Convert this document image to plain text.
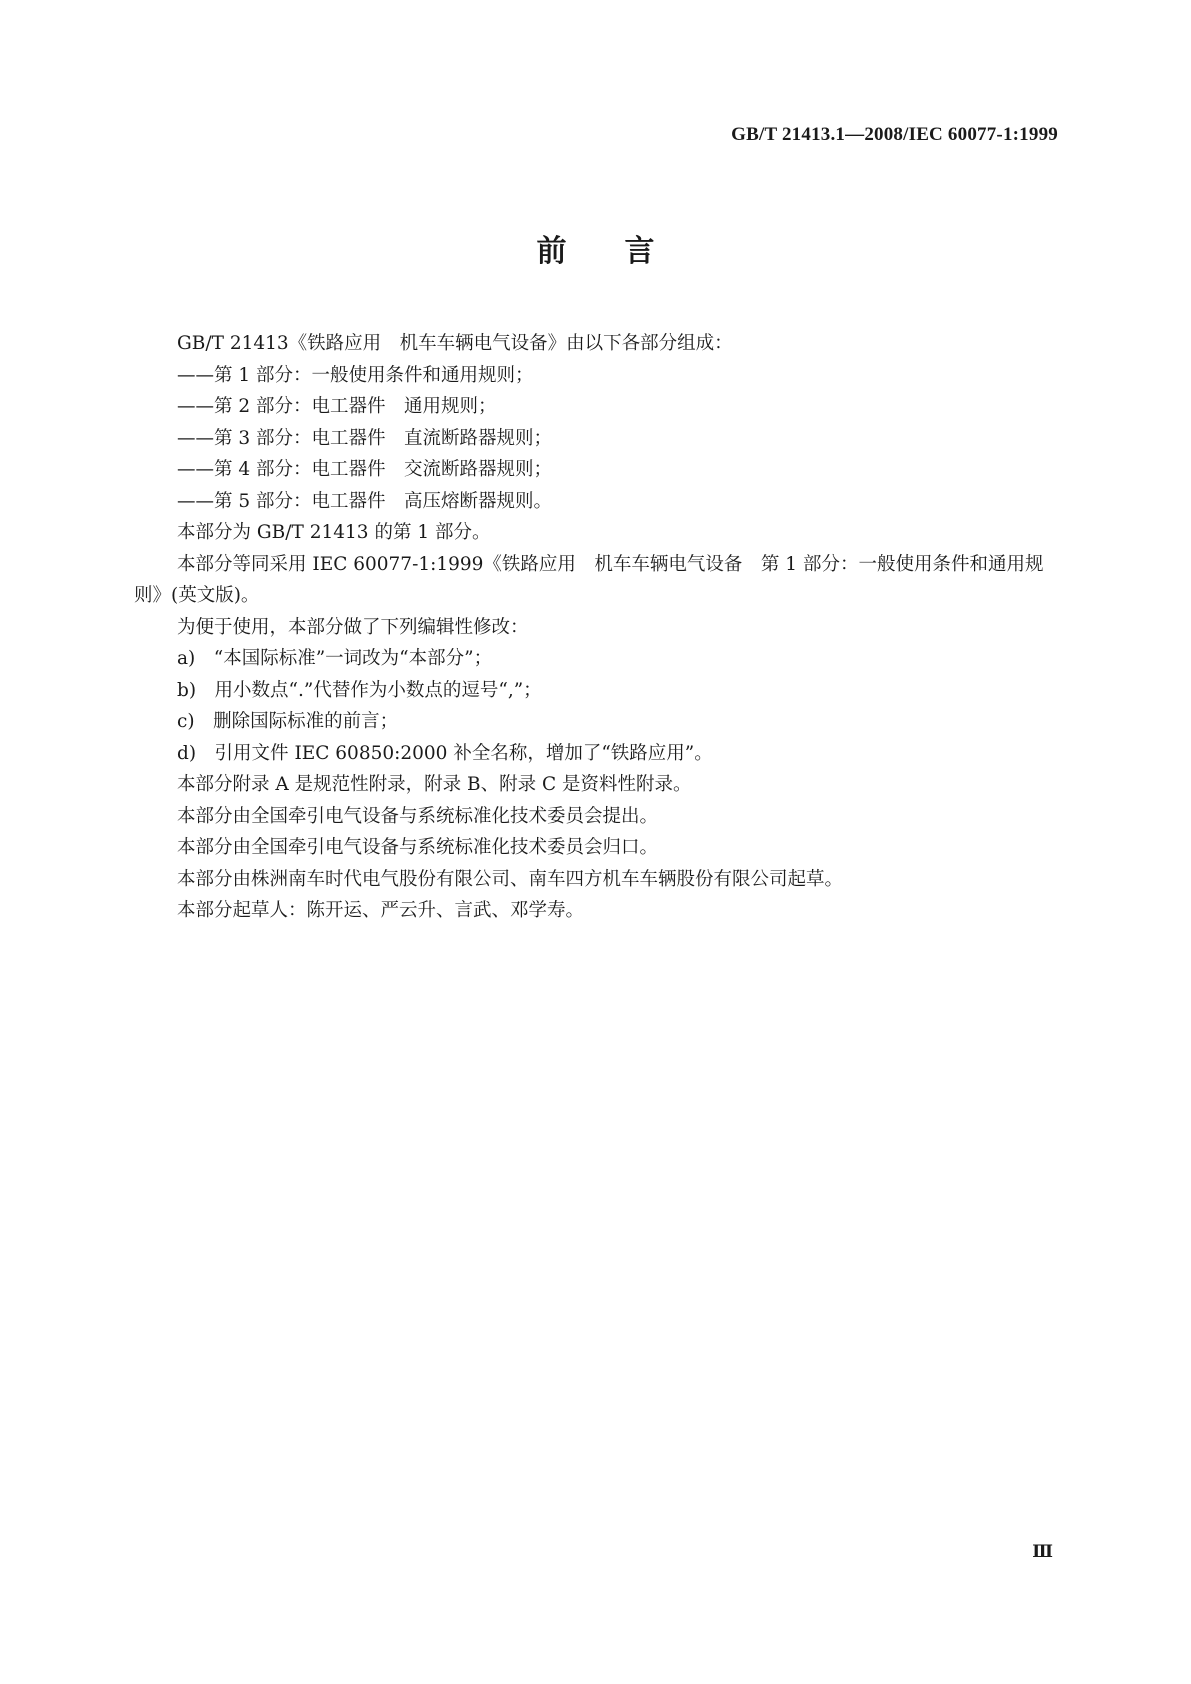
GB/T 21413.1—2008/IEC 60077-1:1999
前言

GB/T 21413《铁路应用　机车车辆电气设备》由以下各部分组成：

——第 1 部分：一般使用条件和通用规则；

——第 2 部分：电工器件　通用规则；

——第 3 部分：电工器件　直流断路器规则；

——第 4 部分：电工器件　交流断路器规则；

——第 5 部分：电工器件　高压熔断器规则。

本部分为 GB/T 21413 的第 1 部分。

本部分等同采用 IEC 60077-1:1999《铁路应用　机车车辆电气设备　第 1 部分：一般使用条件和通用规则》(英文版)。

为便于使用，本部分做了下列编辑性修改：

a)　“本国际标准”一词改为“本部分”；

b)　用小数点“.”代替作为小数点的逗号“,”；

c)　删除国际标准的前言；

d)　引用文件 IEC 60850:2000 补全名称，增加了“铁路应用”。

本部分附录 A 是规范性附录，附录 B、附录 C 是资料性附录。

本部分由全国牵引电气设备与系统标准化技术委员会提出。

本部分由全国牵引电气设备与系统标准化技术委员会归口。

本部分由株洲南车时代电气股份有限公司、南车四方机车车辆股份有限公司起草。

本部分起草人：陈开运、严云升、言武、邓学寿。

Ⅲ
